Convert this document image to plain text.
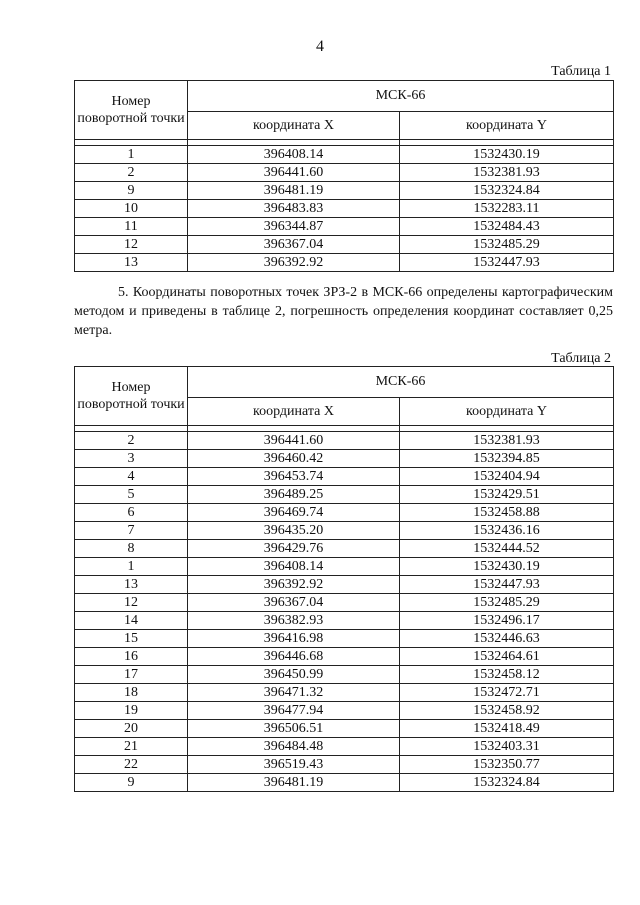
4
Таблица 1
Номер поворотной точки	МСК-66	
	координата X	координата Y

1	396408.14	1532430.19
2	396441.60	1532381.93
9	396481.19	1532324.84
10	396483.83	1532283.11
11	396344.87	1532484.43
12	396367.04	1532485.29
13	396392.92	1532447.93
5. Координаты поворотных точек ЗРЗ-2 в МСК-66 определены картографическим методом и приведены в таблице 2, погрешность определения координат составляет 0,25 метра.
Таблица 2
Номер поворотной точки	МСК-66	
	координата X	координата Y

2	396441.60	1532381.93
3	396460.42	1532394.85
4	396453.74	1532404.94
5	396489.25	1532429.51
6	396469.74	1532458.88
7	396435.20	1532436.16
8	396429.76	1532444.52
1	396408.14	1532430.19
13	396392.92	1532447.93
12	396367.04	1532485.29
14	396382.93	1532496.17
15	396416.98	1532446.63
16	396446.68	1532464.61
17	396450.99	1532458.12
18	396471.32	1532472.71
19	396477.94	1532458.92
20	396506.51	1532418.49
21	396484.48	1532403.31
22	396519.43	1532350.77
9	396481.19	1532324.84
